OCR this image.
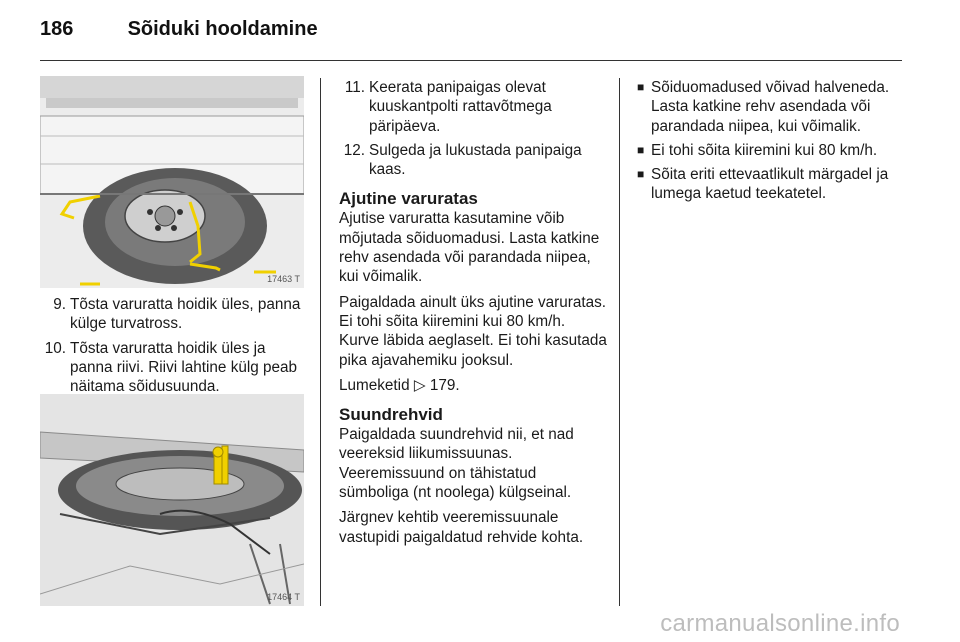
186	Sõiduki hooldamine
17463 T
17464 T
9. Tõsta varuratta hoidik üles, panna külge turvatross.
10. Tõsta varuratta hoidik üles ja panna riivi. Riivi lahtine külg peab näitama sõidusuunda.
11. Keerata panipaigas olevat kuuskantpolti rattavõtmega päripäeva.
12. Sulgeda ja lukustada panipaiga kaas.
Ajutine varuratas

Ajutise varuratta kasutamine võib mõjutada sõiduomadusi. Lasta katkine rehv asendada või parandada niipea, kui võimalik.

Paigaldada ainult üks ajutine varuratas. Ei tohi sõita kiiremini kui 80 km/h. Kurve läbida aeglaselt. Ei tohi kasutada pika ajavahemiku jooksul.

Lumeketid ▷ 179.

Suundrehvid

Paigaldada suundrehvid nii, et nad veereksid liikumissuunas. Veeremissuund on tähistatud sümboliga (nt noolega) külgseinal.

Järgnev kehtib veeremissuunale vastupidi paigaldatud rehvide kohta.

■ Sõiduomadused võivad halveneda. Lasta katkine rehv asendada või parandada niipea, kui võimalik.
■ Ei tohi sõita kiiremini kui 80 km/h.
■ Sõita eriti ettevaatlikult märgadel ja lumega kaetud teekatetel.
carmanualsonline.info
